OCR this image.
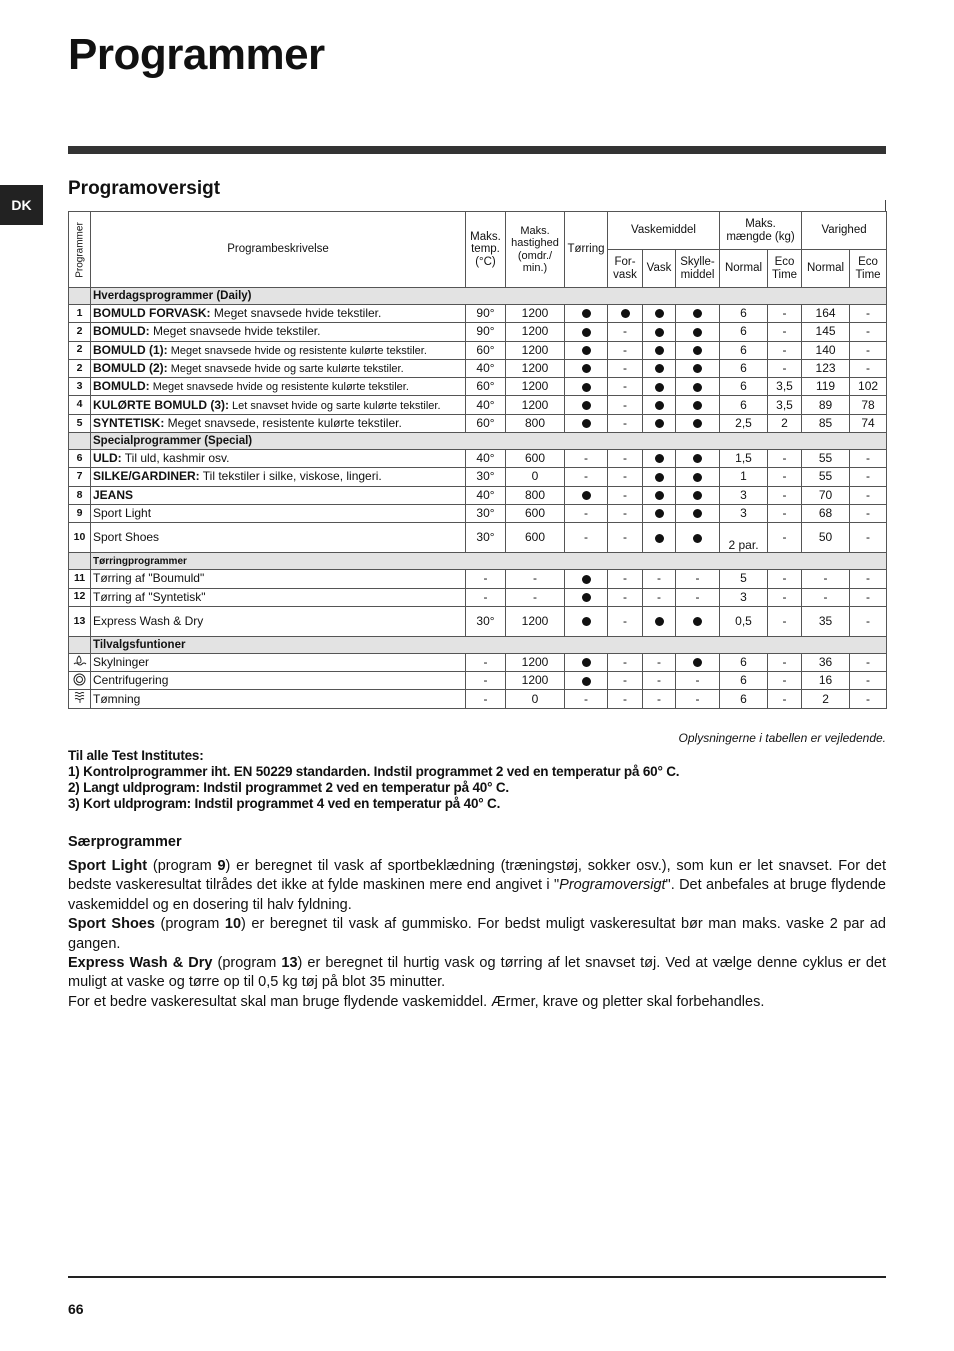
Programmer
DK
Programoversigt
Programmer	Programbeskrivelse	Maks. temp. (°C)	Maks. hastighed (omdr./ min.)	Tørring	Vaskemiddel			Maks. mængde (kg)		Varighed	
					For- vask	Vask	Skylle- middel	Normal	Eco Time	Normal	Eco Time
	Hverdagsprogrammer (Daily)										
1	BOMULD FORVASK: Meget snavsede hvide tekstiler.	90°	1200					6	-	164	-
2	BOMULD: Meget snavsede hvide tekstiler.	90°	1200		-			6	-	145	-
2	BOMULD (1): Meget snavsede hvide og resistente kulørte tekstiler.	60°	1200		-			6	-	140	-
2	BOMULD (2): Meget snavsede hvide og sarte kulørte tekstiler.	40°	1200		-			6	-	123	-
3	BOMULD: Meget snavsede hvide og resistente kulørte tekstiler.	60°	1200		-			6	3,5	119	102
4	KULØRTE BOMULD (3): Let snavset hvide og sarte kulørte tekstiler.	40°	1200		-			6	3,5	89	78
5	SYNTETISK: Meget snavsede, resistente kulørte tekstiler.	60°	800		-			2,5	2	85	74
	Specialprogrammer (Special)										
6	ULD: Til uld, kashmir osv.	40°	600	-	-			1,5	-	55	-
7	SILKE/GARDINER: Til tekstiler i silke, viskose, lingeri.	30°	0	-	-			1	-	55	-
8	JEANS	40°	800		-			3	-	70	-
9	Sport Light	30°	600	-	-			3	-	68	-
10	Sport Shoes	30°	600	-	-			2 par.	-	50	-
	Tørringprogrammer										
11	Tørring af "Boumuld"	-	-		-	-	-	5	-	-	-
12	Tørring af "Syntetisk"	-	-		-	-	-	3	-	-	-
13	Express Wash & Dry	30°	1200		-			0,5	-	35	-
	Tilvalgsfuntioner										
	Skylninger	-	1200		-	-		6	-	36	-
	Centrifugering	-	1200		-	-	-	6	-	16	-
	Tømning	-	0	-	-	-	-	6	-	2	-
Oplysningerne i tabellen er vejledende.
Til alle Test Institutes:
1) Kontrolprogrammer iht. EN 50229 standarden. Indstil programmet 2 ved en temperatur på 60° C.
2) Langt uldprogram: Indstil programmet 2 ved en temperatur på 40° C.
3) Kort uldprogram: Indstil programmet 4 ved en temperatur på 40° C.
Særprogrammer

Sport Light (program 9) er beregnet til vask af sportbeklædning (træningstøj, sokker osv.), som kun er let snavset. For det bedste vaskeresultat tilrådes det ikke at fylde maskinen mere end angivet i "Programoversigt". Det anbefales at bruge flydende vaskemiddel og en dosering til halv fyldning.

Sport Shoes (program 10) er beregnet til vask af gummisko. For bedst muligt vaskeresultat bør man maks. vaske 2 par ad gangen.

Express Wash & Dry (program 13) er beregnet til hurtig vask og tørring af let snavset tøj. Ved at vælge denne cyklus er det muligt at vaske og tørre op til 0,5 kg tøj på blot 35 minutter.

For et bedre vaskeresultat skal man bruge flydende vaskemiddel. Ærmer, krave og pletter skal forbehandles.

66
